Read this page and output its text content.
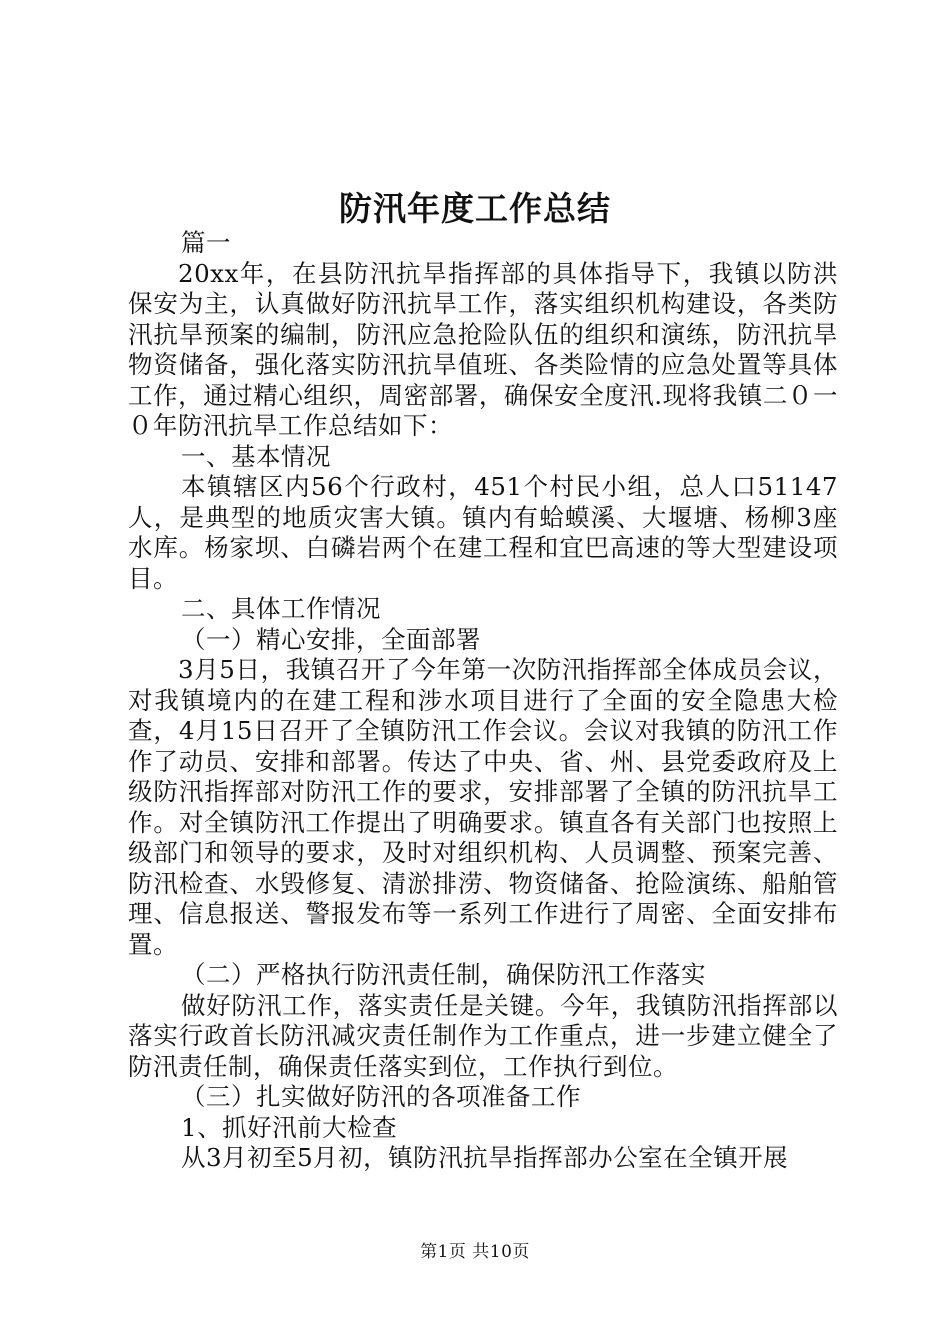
防汛年度工作总结

篇一

20xx年，在县防汛抗旱指挥部的具体指导下，我镇以防洪保安为主，认真做好防汛抗旱工作，落实组织机构建设，各类防汛抗旱预案的编制，防汛应急抢险队伍的组织和演练，防汛抗旱物资储备，强化落实防汛抗旱值班、各类险情的应急处置等具体工作，通过精心组织，周密部署，确保安全度汛.现将我镇二０一０年防汛抗旱工作总结如下：

一、基本情况

本镇辖区内56个行政村，451个村民小组，总人口51147人，是典型的地质灾害大镇。镇内有蛤蟆溪、大堰塘、杨柳3座水库。杨家坝、白磷岩两个在建工程和宜巴高速的等大型建设项目。

二、具体工作情况

（一）精心安排，全面部署

3月5日，我镇召开了今年第一次防汛指挥部全体成员会议，对我镇境内的在建工程和涉水项目进行了全面的安全隐患大检查，4月15日召开了全镇防汛工作会议。会议对我镇的防汛工作作了动员、安排和部署。传达了中央、省、州、县党委政府及上级防汛指挥部对防汛工作的要求，安排部署了全镇的防汛抗旱工作。对全镇防汛工作提出了明确要求。镇直各有关部门也按照上级部门和领导的要求，及时对组织机构、人员调整、预案完善、防汛检查、水毁修复、清淤排涝、物资储备、抢险演练、船舶管理、信息报送、警报发布等一系列工作进行了周密、全面安排布置。

（二）严格执行防汛责任制，确保防汛工作落实

做好防汛工作，落实责任是关键。今年，我镇防汛指挥部以落实行政首长防汛减灾责任制作为工作重点，进一步建立健全了防汛责任制，确保责任落实到位，工作执行到位。

（三）扎实做好防汛的各项准备工作

1、抓好汛前大检查

从3月初至5月初，镇防汛抗旱指挥部办公室在全镇开展

第1页 共10页
